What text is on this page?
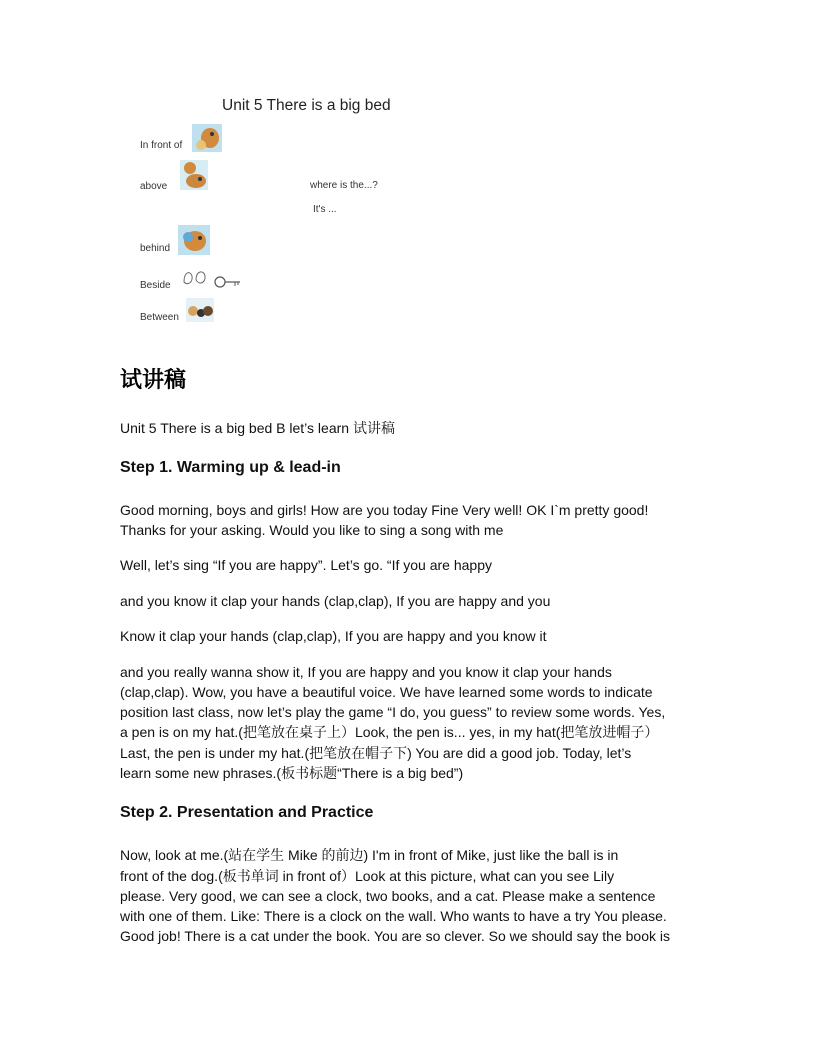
Unit 5 There is a big bed
In front of
above	where is the...?
It's ...
behind
Beside
Between
试讲稿
Unit 5 There is a big bed B let’s learn 试讲稿
Step 1. Warming up & lead-in
Good morning, boys and girls! How are you today Fine Very well! OK I`m pretty good!
Thanks for your asking. Would you like to sing a song with me
Well, let’s sing “If you are happy”. Let’s go. “If you are happy
and you know it clap your hands (clap,clap), If you are happy and you
Know it clap your hands (clap,clap), If you are happy and you know it
and you really wanna show it, If you are happy and you know it clap your hands
(clap,clap). Wow, you have a beautiful voice. We have learned some words to indicate
position last class, now let’s play the game “I do, you guess” to review some words. Yes,
a pen is on my hat.(把笔放在桌子上）Look, the pen is... yes, in my hat(把笔放进帽子）
Last, the pen is under my hat.(把笔放在帽子下) You are did a good job. Today, let’s
learn some new phrases.(板书标题“There is a big bed”)
Step 2. Presentation and Practice
Now, look at me.(站在学生 Mike 的前边) I'm in front of Mike, just like the ball is in
front of the dog.(板书单词 in front of）Look at this picture, what can you see Lily
please. Very good, we can see a clock, two books, and a cat. Please make a sentence
with one of them. Like: There is a clock on the wall. Who wants to have a try You please.
Good job! There is a cat under the book. You are so clever. So we should say the book is
